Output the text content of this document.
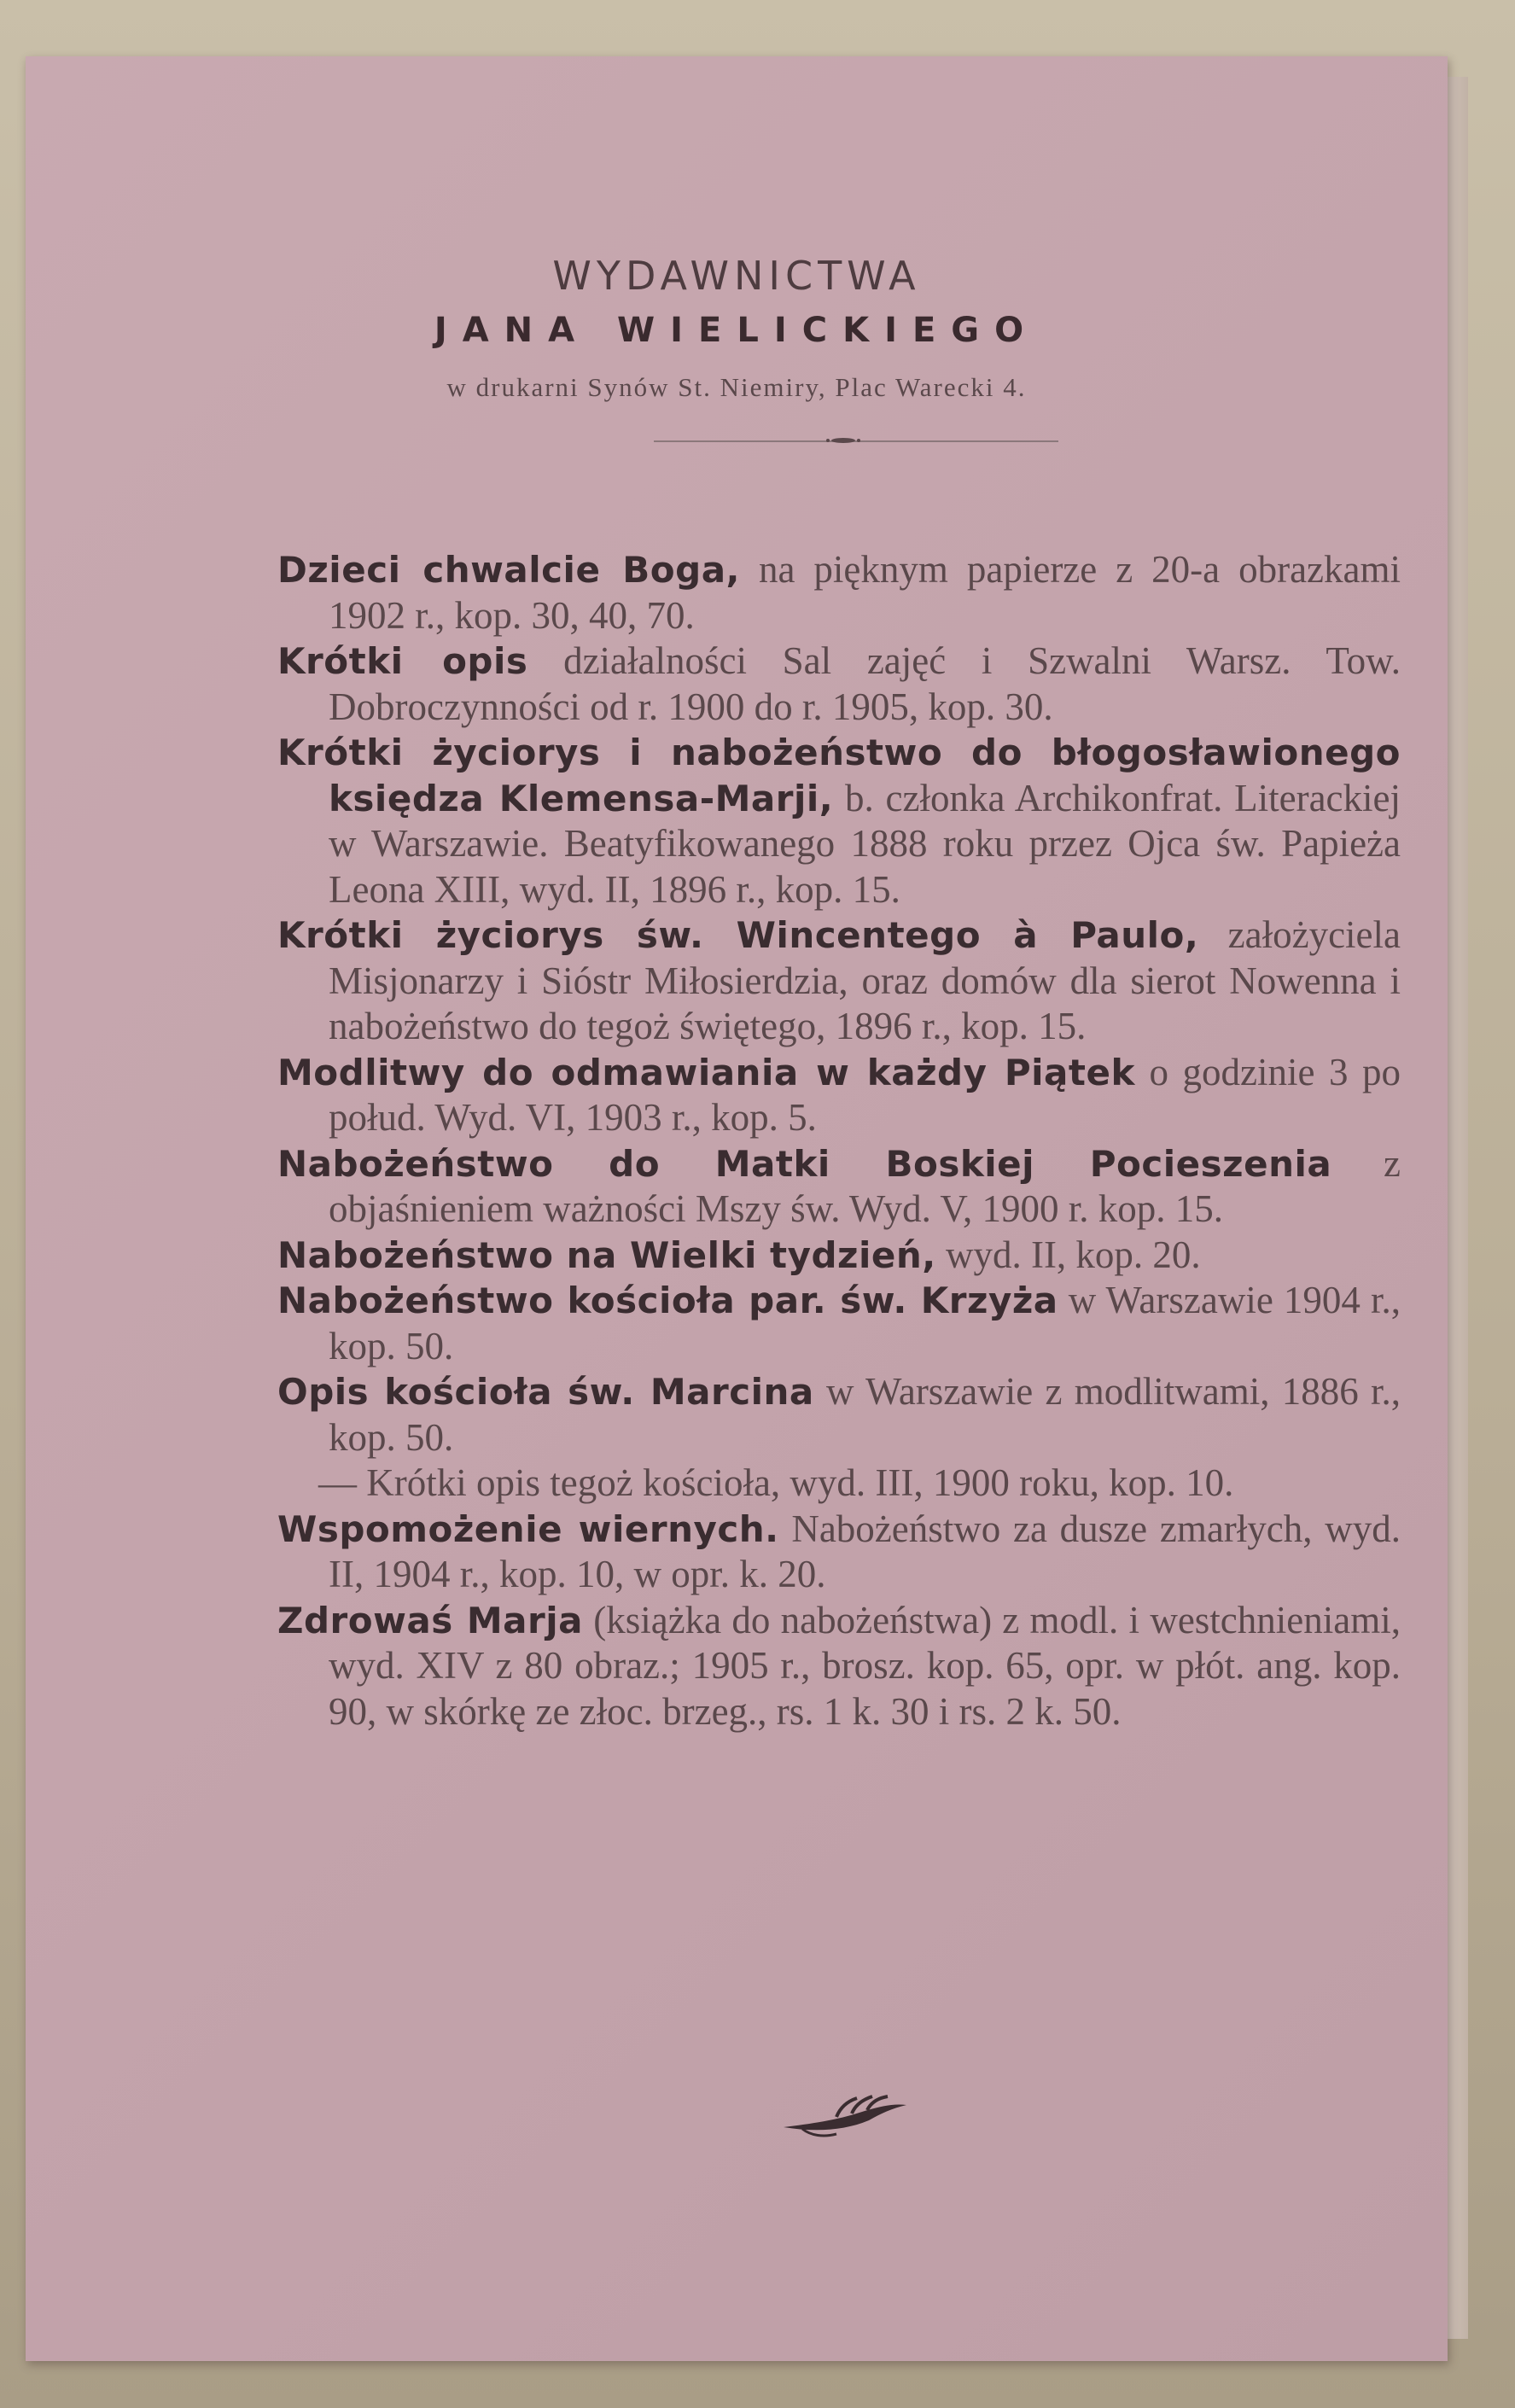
WYDAWNICTWA
JANA WIELICKIEGO
w drukarni Synów St. Niemiry, Plac Warecki 4.
Dzieci chwalcie Boga, na pięknym papierze z 20-a obrazkami 1902 r., kop. 30, 40, 70.
Krótki opis działalności Sal zajęć i Szwalni Warsz. Tow. Dobroczynności od r. 1900 do r. 1905, kop. 30.
Krótki życiorys i nabożeństwo do błogosławionego księdza Klemensa-Marji, b. członka Archikonfrat. Literackiej w Warszawie. Beatyfikowanego 1888 roku przez Ojca św. Papieża Leona XIII, wyd. II, 1896 r., kop. 15.
Krótki życiorys św. Wincentego à Paulo, założyciela Misjonarzy i Sióstr Miłosierdzia, oraz domów dla sierot Nowenna i nabożeństwo do tegoż świętego, 1896 r., kop. 15.
Modlitwy do odmawiania w każdy Piątek o godzinie 3 po połud. Wyd. VI, 1903 r., kop. 5.
Nabożeństwo do Matki Boskiej Pocieszenia z objaśnieniem ważności Mszy św. Wyd. V, 1900 r. kop. 15.
Nabożeństwo na Wielki tydzień, wyd. II, kop. 20.
Nabożeństwo kościoła par. św. Krzyża w Warszawie 1904 r., kop. 50.
Opis kościoła św. Marcina w Warszawie z modlitwami, 1886 r., kop. 50.
— Krótki opis tegoż kościoła, wyd. III, 1900 roku, kop. 10.
Wspomożenie wiernych. Nabożeństwo za dusze zmarłych, wyd. II, 1904 r., kop. 10, w opr. k. 20.
Zdrowaś Marja (książka do nabożeństwa) z modl. i westchnieniami, wyd. XIV z 80 obraz.; 1905 r., brosz. kop. 65, opr. w płót. ang. kop. 90, w skórkę ze złoc. brzeg., rs. 1 k. 30 i rs. 2 k. 50.
